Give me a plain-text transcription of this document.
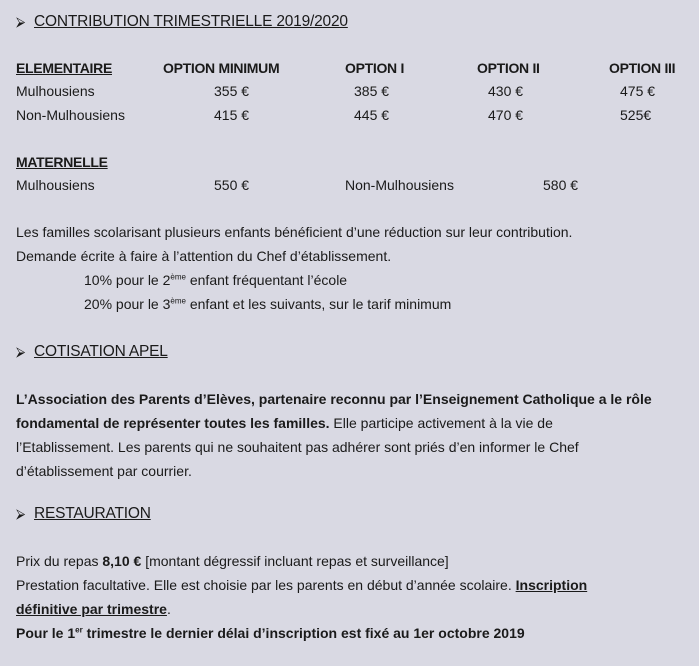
⮚ CONTRIBUTION TRIMESTRIELLE 2019/2020
ELEMENTAIRE	OPTION MINIMUM	OPTION I	OPTION II	OPTION III
Mulhousiens	355 €	385 €	430 €	475 €
Non-Mulhousiens	415 €	445 €	470 €	525€
MATERNELLE
Mulhousiens	550 €	Non-Mulhousiens	580 €
Les familles scolarisant plusieurs enfants bénéficient d’une réduction sur leur contribution.
Demande écrite à faire à l’attention du Chef d’établissement.
10% pour le 2ème enfant fréquentant l’école
20% pour le 3ème enfant et les suivants, sur le tarif minimum
⮚ COTISATION APEL
L’Association des Parents d’Elèves, partenaire reconnu par l’Enseignement Catholique a le rôle
fondamental de représenter toutes les familles. Elle participe activement à la vie de
l’Etablissement. Les parents qui ne souhaitent pas adhérer sont priés d’en informer le Chef
d’établissement par courrier.
⮚ RESTAURATION
Prix du repas 8,10 € [montant dégressif incluant repas et surveillance]
Prestation facultative. Elle est choisie par les parents en début d’année scolaire. Inscription
définitive par trimestre.
Pour le 1er trimestre le dernier délai d’inscription est fixé au 1er octobre 2019
